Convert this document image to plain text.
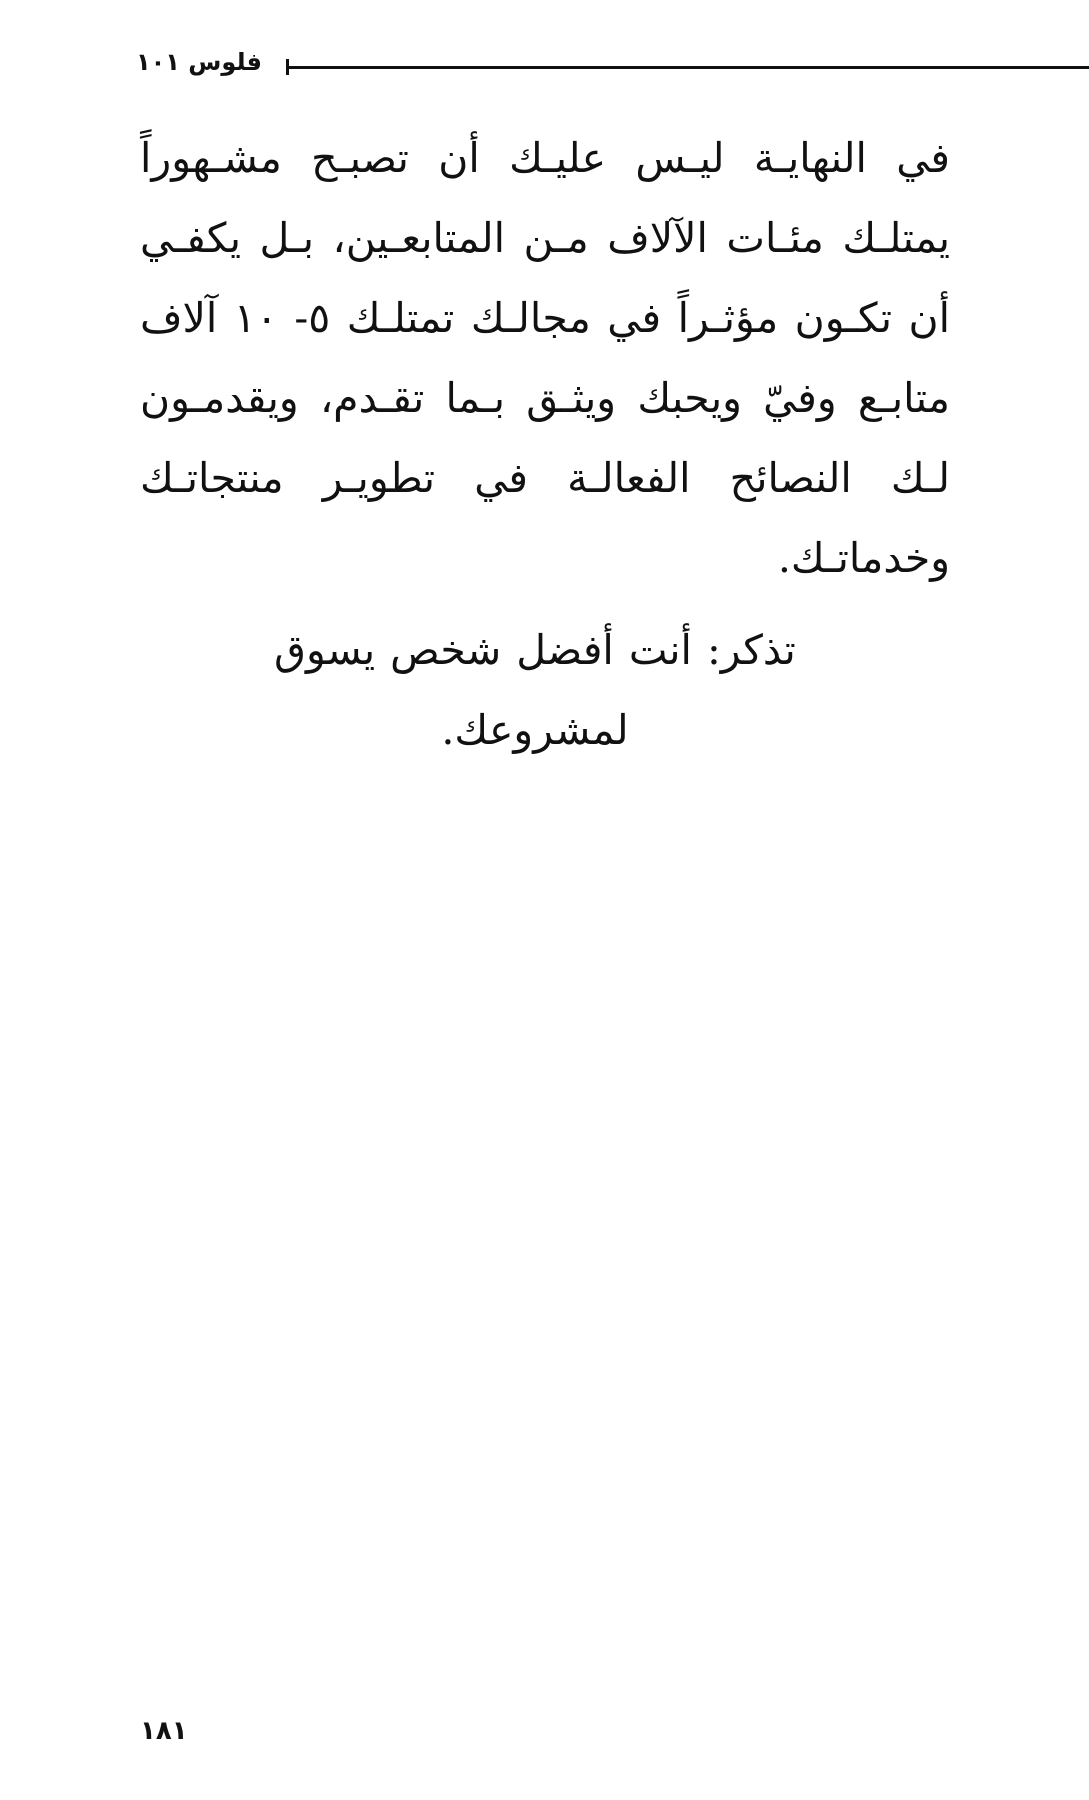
فلوس ١٠١

في النهايـة ليـس عليـك أن تصبـح مشـهوراً يمتلـك مئـات الآلاف مـن المتابعـين، بـل يكفـي أن تكـون مؤثـراً في مجالـك تمتلـك ٥- ١٠ آلاف متابـع وفيّ ويحبك ويثـق بـما تقـدم، ويقدمـون لـك النصائح الفعالـة في تطويـر منتجاتـك وخدماتـك.

تذكر: أنت أفضل شخص يسوق لمشروعك.

١٨١
